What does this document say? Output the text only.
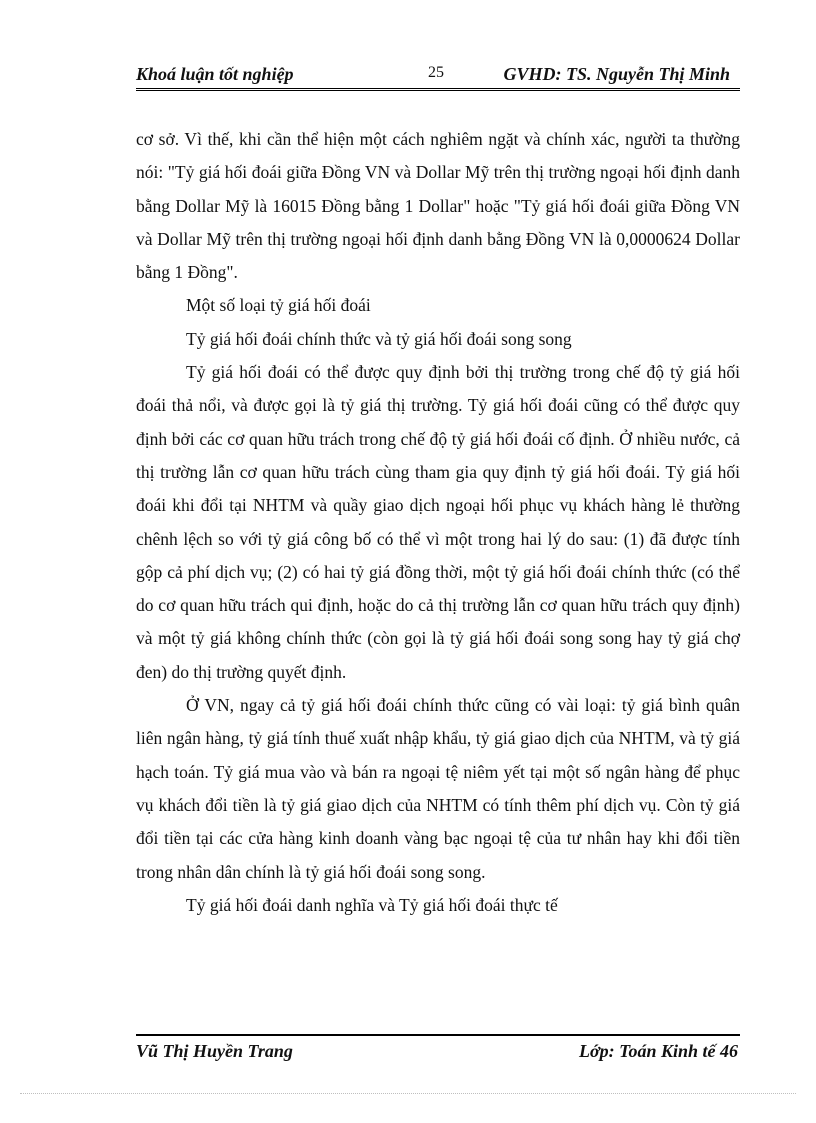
Khoá luận tốt nghiệp	25	GVHD: TS. Nguyễn Thị Minh

cơ sở. Vì thế, khi cần thể hiện một cách nghiêm ngặt và chính xác, người ta thường nói: "Tỷ giá hối đoái giữa Đồng VN và Dollar Mỹ trên thị trường ngoại hối định danh bằng Dollar Mỹ là 16015 Đồng bằng 1 Dollar" hoặc "Tỷ giá hối đoái giữa Đồng VN và Dollar Mỹ trên thị trường ngoại hối định danh bằng Đồng VN là 0,0000624 Dollar bằng 1 Đồng".

Một số loại tỷ giá hối đoái

Tỷ giá hối đoái chính thức và tỷ giá hối đoái song song

Tỷ giá hối đoái có thể được quy định bởi thị trường trong chế độ tỷ giá hối đoái thả nổi, và được gọi là tỷ giá thị trường. Tỷ giá hối đoái cũng có thể được quy định bởi các cơ quan hữu trách trong chế độ tỷ giá hối đoái cố định. Ở nhiều nước, cả thị trường lẫn cơ quan hữu trách cùng tham gia quy định tỷ giá hối đoái. Tỷ giá hối đoái khi đổi tại NHTM và quầy giao dịch ngoại hối phục vụ khách hàng lẻ thường chênh lệch so với tỷ giá công bố có thể vì một trong hai lý do sau: (1) đã được tính gộp cả phí dịch vụ; (2) có hai tỷ giá đồng thời, một tỷ giá hối đoái chính thức (có thể do cơ quan hữu trách qui định, hoặc do cả thị trường lẫn cơ quan hữu trách quy định) và một tỷ giá không chính thức (còn gọi là tỷ giá hối đoái song song hay tỷ giá chợ đen) do thị trường quyết định.

Ở VN, ngay cả tỷ giá hối đoái chính thức cũng có vài loại: tỷ giá bình quân liên ngân hàng, tỷ giá tính thuế xuất nhập khẩu, tỷ giá giao dịch của NHTM, và tỷ giá hạch toán. Tỷ giá mua vào và bán ra ngoại tệ niêm yết tại một số ngân hàng để phục vụ khách đổi tiền là tỷ giá giao dịch của NHTM có tính thêm phí dịch vụ. Còn tỷ giá đổi tiền tại các cửa hàng kinh doanh vàng bạc ngoại tệ của tư nhân hay khi đổi tiền trong nhân dân chính là tỷ giá hối đoái song song.

Tỷ giá hối đoái danh nghĩa và Tỷ giá hối đoái thực tế

Vũ Thị Huyền Trang	Lớp: Toán Kinh tế 46
